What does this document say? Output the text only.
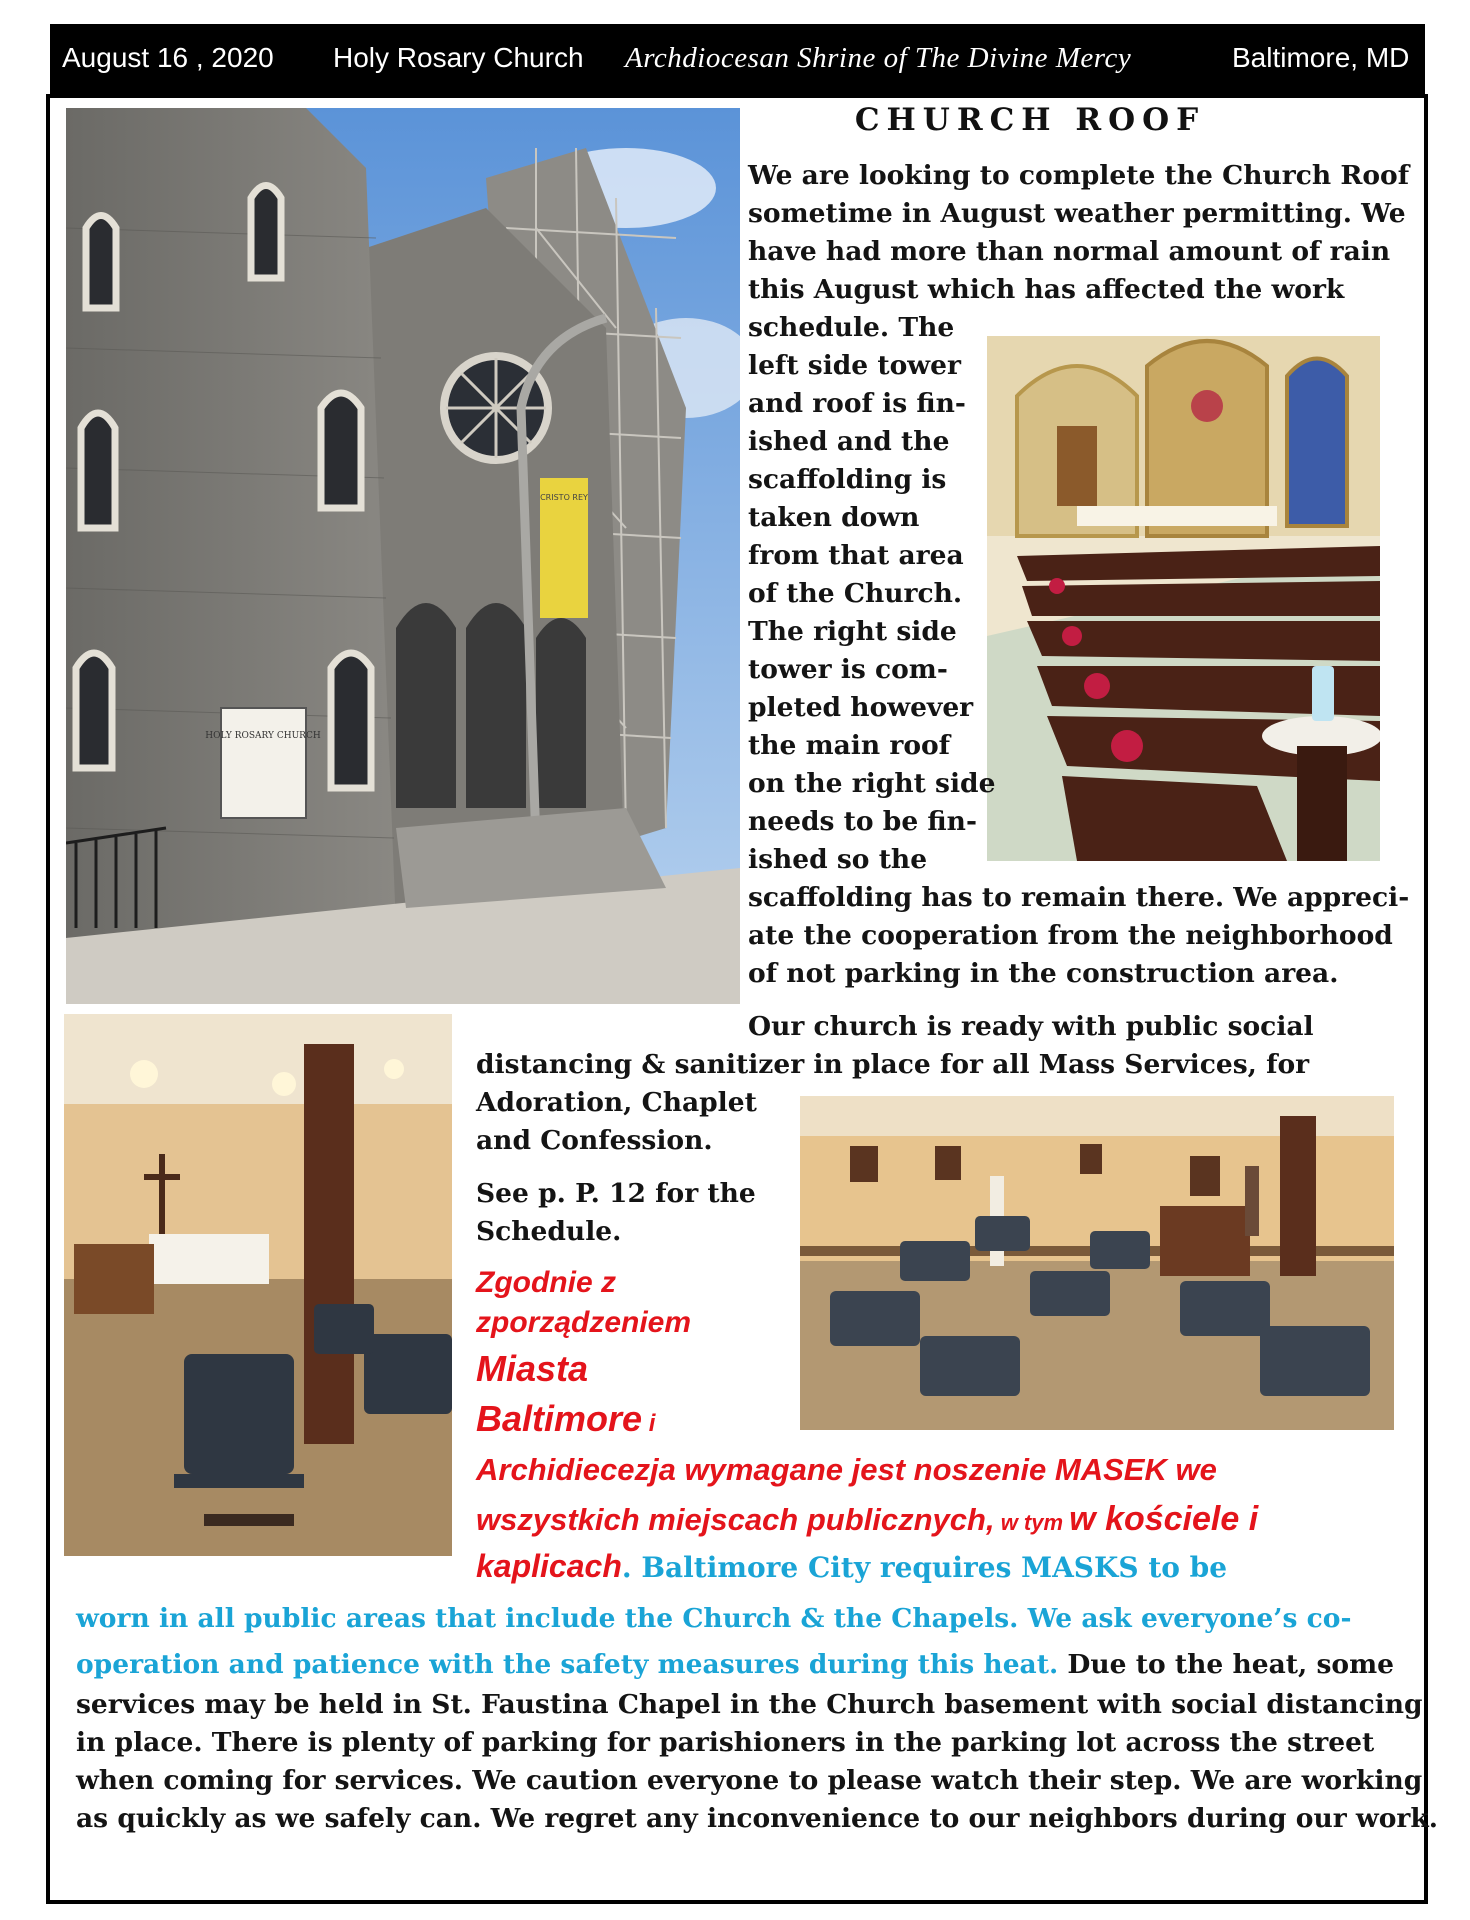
August 16 , 2020 Holy Rosary Church Archdiocesan Shrine of The Divine Mercy	Baltimore, MD
HOLY ROSARY CHURCH
CRISTO REY
CHURCH ROOF

We are looking to complete the Church Roof

sometime in August weather permitting. We

have had more than normal amount of rain

this August which has affected the work

schedule. The

left side tower

and roof is fin-

ished and the

scaffolding is

taken down

from that area

of the Church.

The right side

tower is com-

pleted however

the main roof

on the right side

needs to be fin-

ished so the

scaffolding has to remain there. We appreci-

ate the cooperation from the neighborhood

of not parking in the construction area.

Our church is ready with public social

distancing & sanitizer in place for all Mass Services, for

Adoration, Chaplet

and Confession.

See p. P. 12 for the

Schedule.

Zgodnie z

zporządzeniem

Miasta

Baltimore i

Archidiecezja wymagane jest noszenie MASEK we

wszystkich miejscach publicznych, w tym w kościele i

kaplicach. Baltimore City requires MASKS to be

worn in all public areas that include the Church & the Chapels. We ask everyone’s co-

operation and patience with the safety measures during this heat. Due to the heat, some

services may be held in St. Faustina Chapel in the Church basement with social distancing

in place. There is plenty of parking for parishioners in the parking lot across the street

when coming for services. We caution everyone to please watch their step. We are working

as quickly as we safely can. We regret any inconvenience to our neighbors during our work.
